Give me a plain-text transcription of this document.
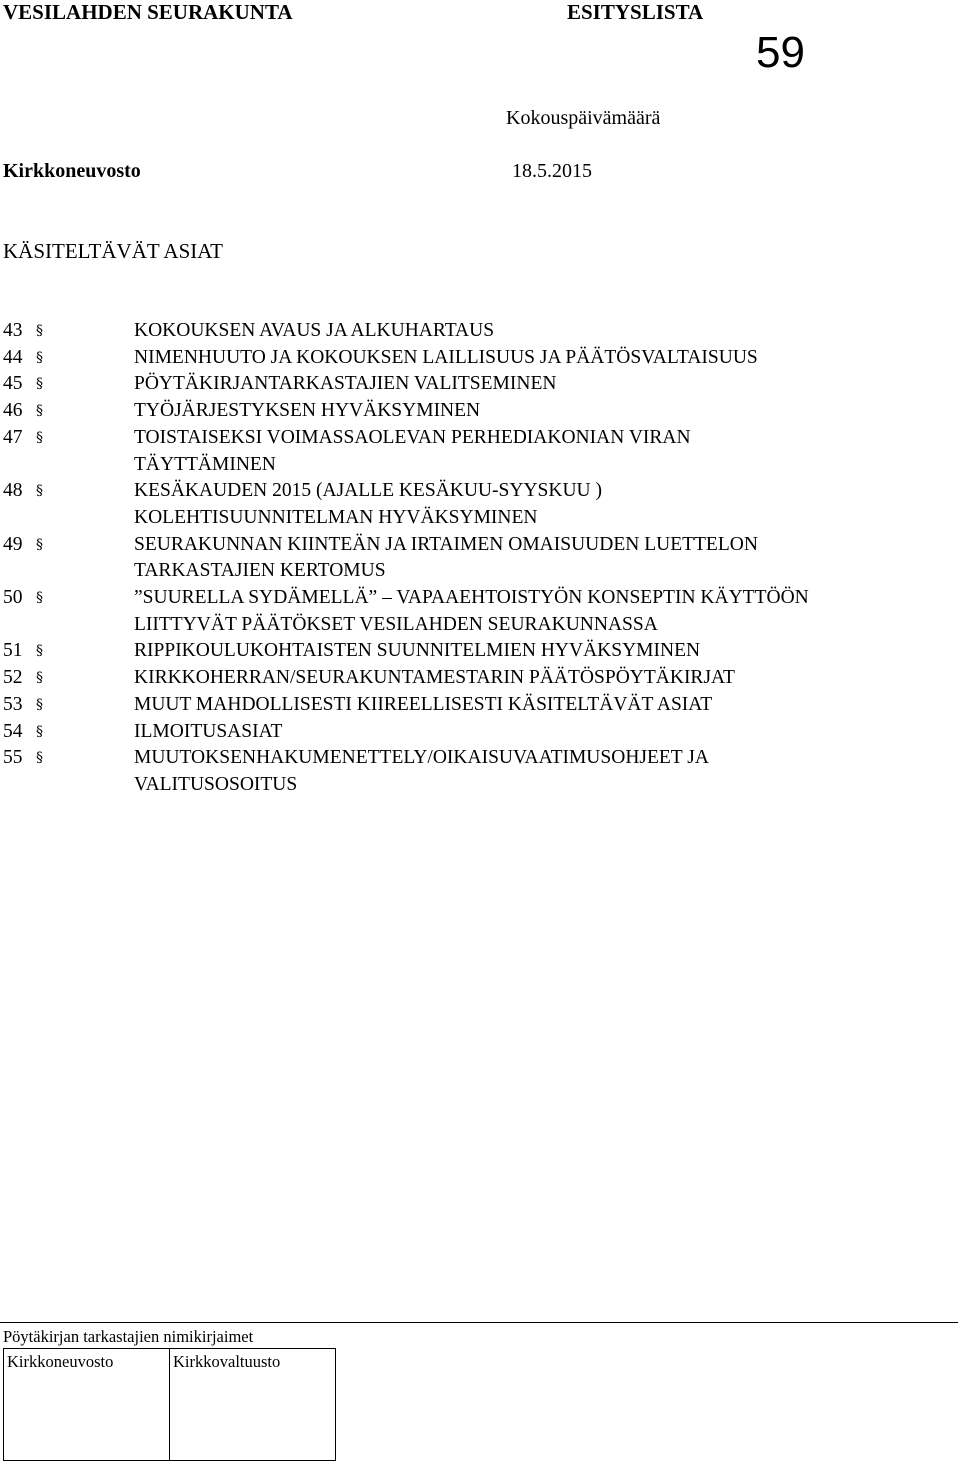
VESILAHDEN SEURAKUNTA	ESITYSLISTA
59
Kokouspäivämäärä
Kirkkoneuvosto	18.5.2015
KÄSITELTÄVÄT ASIAT
43 §	KOKOUKSEN AVAUS JA ALKUHARTAUS
44 §	NIMENHUUTO JA KOKOUKSEN LAILLISUUS JA PÄÄTÖSVALTAISUUS
45 §	PÖYTÄKIRJANTARKASTAJIEN VALITSEMINEN
46 §	TYÖJÄRJESTYKSEN HYVÄKSYMINEN
47 §	TOISTAISEKSI VOIMASSAOLEVAN PERHEDIAKONIAN VIRAN
TÄYTTÄMINEN
48 §	KESÄKAUDEN 2015 (AJALLE KESÄKUU-SYYSKUU )
KOLEHTISUUNNITELMAN HYVÄKSYMINEN
49 §	SEURAKUNNAN KIINTEÄN JA IRTAIMEN OMAISUUDEN LUETTELON
TARKASTAJIEN KERTOMUS
50 §	”SUURELLA SYDÄMELLÄ” – VAPAAEHTOISTYÖN KONSEPTIN KÄYTTÖÖN
LIITTYVÄT PÄÄTÖKSET VESILAHDEN SEURAKUNNASSA
51 §	RIPPIKOULUKOHTAISTEN SUUNNITELMIEN HYVÄKSYMINEN
52 §	KIRKKOHERRAN/SEURAKUNTAMESTARIN PÄÄTÖSPÖYTÄKIRJAT
53 §	MUUT MAHDOLLISESTI KIIREELLISESTI KÄSITELTÄVÄT ASIAT
54 §	ILMOITUSASIAT
55 §	MUUTOKSENHAKUMENETTELY/OIKAISUVAATIMUSOHJEET JA
VALITUSOSOITUS
Pöytäkirjan tarkastajien nimikirjaimet
Kirkkoneuvosto	Kirkkovaltuusto
